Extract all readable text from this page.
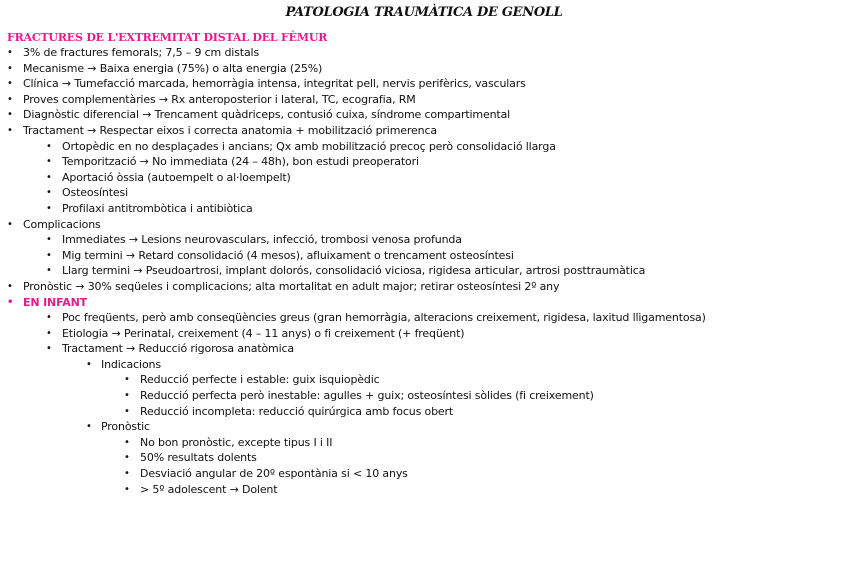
PATOLOGIA TRAUMÀTICA DE GENOLL
FRACTURES DE L'EXTREMITAT DISTAL DEL FÈMUR
• 3% de fractures femorals; 7,5 – 9 cm distals
• Mecanisme → Baixa energia (75%) o alta energia (25%)
• Clínica → Tumefacció marcada, hemorràgia intensa, integritat pell, nervis perifèrics, vasculars
• Proves complementàries → Rx anteroposterior i lateral, TC, ecografia, RM
• Diagnòstic diferencial → Trencament quàdriceps, contusió cuixa, síndrome compartimental
• Tractament → Respectar eixos i correcta anatomia + mobilització primerenca
• Ortopèdic en no desplaçades i ancians; Qx amb mobilització precoç però consolidació llarga
• Temporització → No immediata (24 – 48h), bon estudi preoperatori
• Aportació òssia (autoempelt o al·loempelt)
• Osteosíntesi
• Profilaxi antitrombòtica i antibiòtica
• Complicacions
• Immediates → Lesions neurovasculars, infecció, trombosi venosa profunda
• Mig termini → Retard consolidació (4 mesos), afluixament o trencament osteosíntesi
• Llarg termini → Pseudoartrosi, implant dolorós, consolidació viciosa, rigidesa articular, artrosi posttraumàtica
• Pronòstic → 30% seqüeles i complicacions; alta mortalitat en adult major; retirar osteosíntesi 2º any
• EN INFANT
• Poc freqüents, però amb conseqüències greus (gran hemorràgia, alteracions creixement, rigidesa, laxitud lligamentosa)
• Etiologia → Perinatal, creixement (4 – 11 anys) o fi creixement (+ freqüent)
• Tractament → Reducció rigorosa anatòmica
• Indicacions
• Reducció perfecte i estable: guix isquiopèdic
• Reducció perfecta però inestable: agulles + guix; osteosíntesi sòlides (fi creixement)
• Reducció incompleta: reducció quirúrgica amb focus obert
• Pronòstic
• No bon pronòstic, excepte tipus I i II
• 50% resultats dolents
• Desviació angular de 20º espontània si < 10 anys
• > 5º adolescent → Dolent
